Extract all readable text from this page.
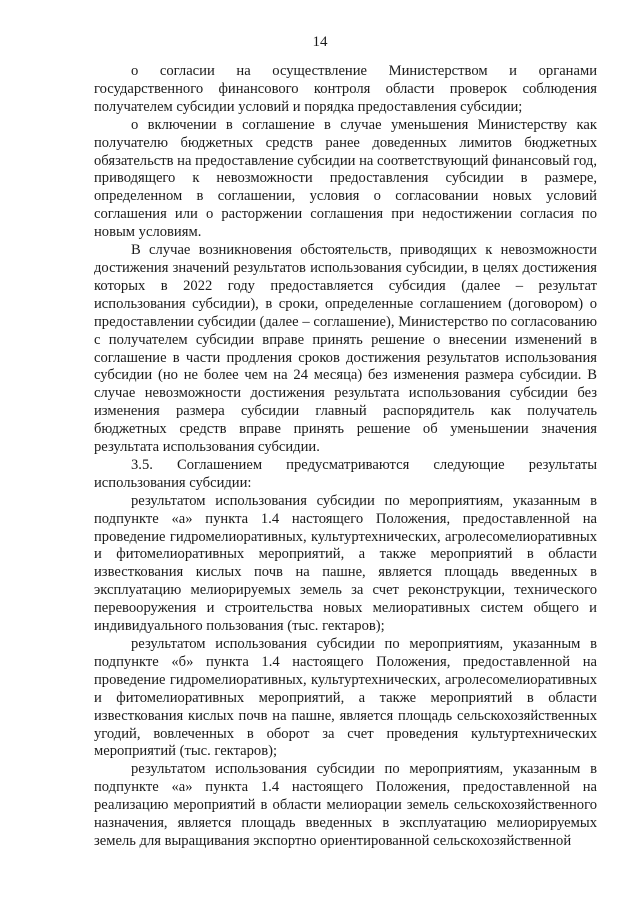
14

о согласии на осуществление Министерством и органами государственного финансового контроля области проверок соблюдения получателем субсидии условий и порядка предоставления субсидии;

о включении в соглашение в случае уменьшения Министерству как получателю бюджетных средств ранее доведенных лимитов бюджетных обязательств на предоставление субсидии на соответствующий финансовый год, приводящего к невозможности предоставления субсидии в размере, определенном в соглашении, условия о согласовании новых условий соглашения или о расторжении соглашения при недостижении согласия по новым условиям.

В случае возникновения обстоятельств, приводящих к невозможности достижения значений результатов использования субсидии, в целях достижения которых в 2022 году предоставляется субсидия (далее – результат использования субсидии), в сроки, определенные соглашением (договором) о предоставлении субсидии (далее – соглашение), Министерство по согласованию с получателем субсидии вправе принять решение о внесении изменений в соглашение в части продления сроков достижения результатов использования субсидии (но не более чем на 24 месяца) без изменения размера субсидии. В случае невозможности достижения результата использования субсидии без изменения размера субсидии главный распорядитель как получатель бюджетных средств вправе принять решение об уменьшении значения результата использования субсидии.

3.5. Соглашением предусматриваются следующие результаты использования субсидии:

результатом использования субсидии по мероприятиям, указанным в подпункте «а» пункта 1.4 настоящего Положения, предоставленной на проведение гидромелиоративных, культуртехнических, агролесомелиоративных и фитомелиоративных мероприятий, а также мероприятий в области известкования кислых почв на пашне, является площадь введенных в эксплуатацию мелиорируемых земель за счет реконструкции, технического перевооружения и строительства новых мелиоративных систем общего и индивидуального пользования (тыс. гектаров);

результатом использования субсидии по мероприятиям, указанным в подпункте «б» пункта 1.4 настоящего Положения, предоставленной на проведение гидромелиоративных, культуртехнических, агролесомелиоративных и фитомелиоративных мероприятий, а также мероприятий в области известкования кислых почв на пашне, является площадь сельскохозяйственных угодий, вовлеченных в оборот за счет проведения культуртехнических мероприятий (тыс. гектаров);

результатом использования субсидии по мероприятиям, указанным в подпункте «а» пункта 1.4 настоящего Положения, предоставленной на реализацию мероприятий в области мелиорации земель сельскохозяйственного назначения, является площадь введенных в эксплуатацию мелиорируемых земель для выращивания экспортно ориентированной сельскохозяйственной
